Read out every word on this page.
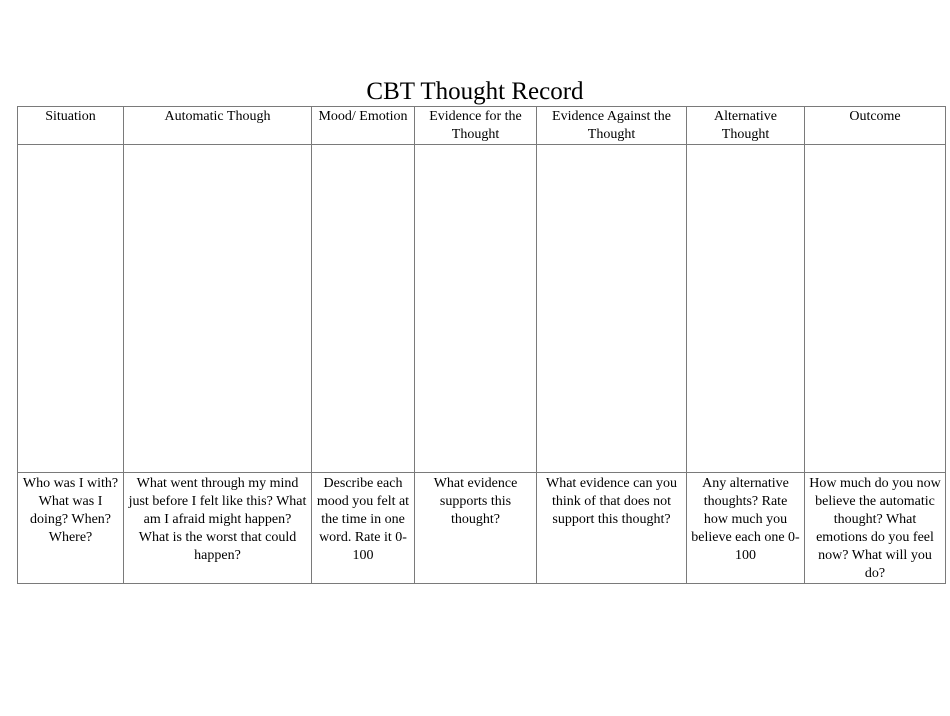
CBT Thought Record
Situation	Automatic Though	Mood/ Emotion	Evidence for the Thought	Evidence Against the Thought	Alternative Thought	Outcome

Who was I with? What was I doing? When? Where?	What went through my mind just before I felt like this? What am I afraid might happen? What is the worst that could happen?	Describe each mood you felt at the time in one word. Rate it 0-100	What evidence supports this thought?	What evidence can you think of that does not support this thought?	Any alternative thoughts? Rate how much you believe each one 0-100	How much do you now believe the automatic thought? What emotions do you feel now? What will you do?
